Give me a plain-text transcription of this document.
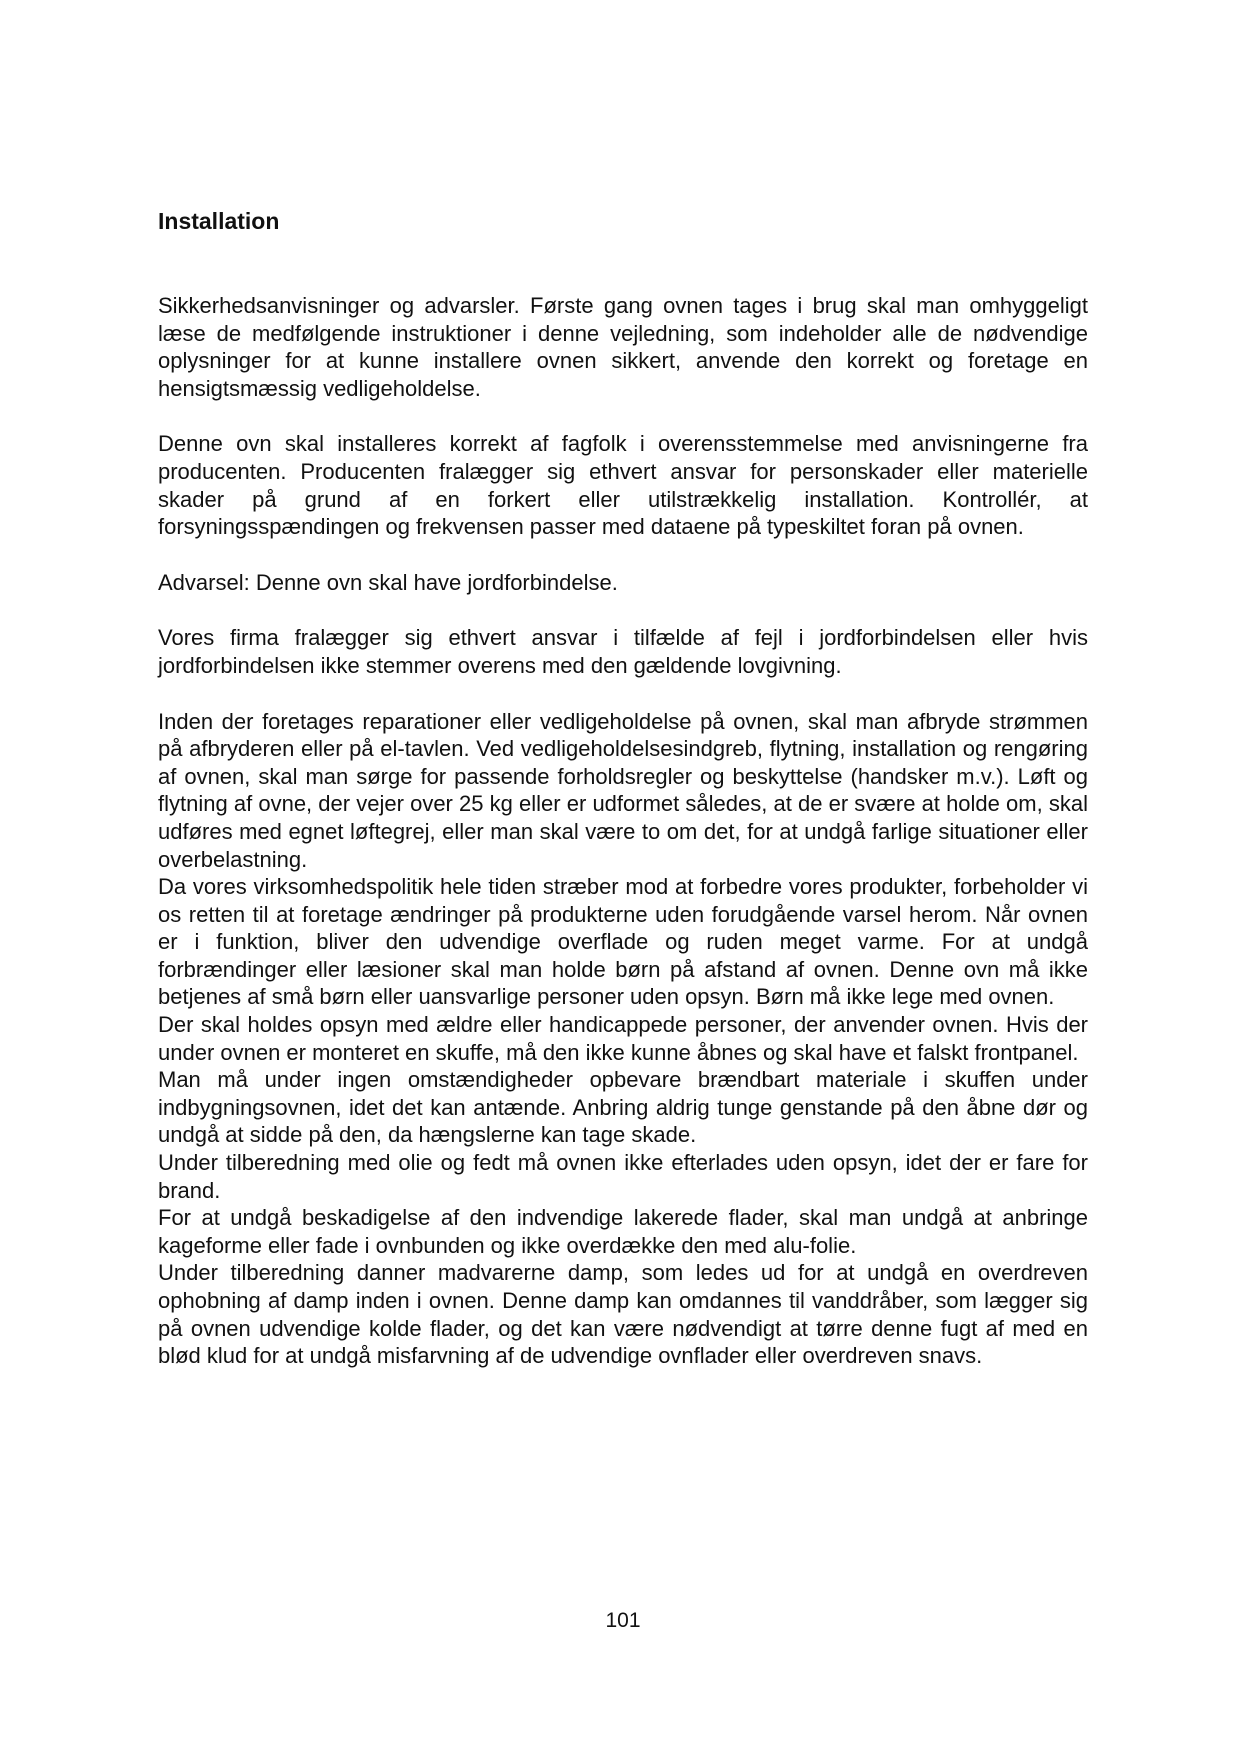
Installation

Sikkerhedsanvisninger og advarsler. Første gang ovnen tages i brug skal man omhyggeligt læse de medfølgende instruktioner i denne vejledning, som indeholder alle de nødvendige oplysninger for at kunne installere ovnen sikkert, anvende den korrekt og foretage en hensigtsmæssig vedligeholdelse.

Denne ovn skal installeres korrekt af fagfolk i overensstemmelse med anvisningerne fra producenten. Producenten fralægger sig ethvert ansvar for personskader eller materielle skader på grund af en forkert eller utilstrækkelig installation. Kontrollér, at forsyningsspændingen og frekvensen passer med dataene på typeskiltet foran på ovnen.

Advarsel: Denne ovn skal have jordforbindelse.

Vores firma fralægger sig ethvert ansvar i tilfælde af fejl i jordforbindelsen eller hvis jordforbindelsen ikke stemmer overens med den gældende lovgivning.

Inden der foretages reparationer eller vedligeholdelse på ovnen, skal man afbryde strømmen på afbryderen eller på el-tavlen. Ved vedligeholdelsesindgreb, flytning, installation og rengøring af ovnen, skal man sørge for passende forholdsregler og beskyttelse (handsker m.v.). Løft og flytning af ovne, der vejer over 25 kg eller er udformet således, at de er svære at holde om, skal udføres med egnet løftegrej, eller man skal være to om det, for at undgå farlige situationer eller overbelastning.

Da vores virksomhedspolitik hele tiden stræber mod at forbedre vores produkter, forbeholder vi os retten til at foretage ændringer på produkterne uden forudgående varsel herom. Når ovnen er i funktion, bliver den udvendige overflade og ruden meget varme. For at undgå forbrændinger eller læsioner skal man holde børn på afstand af ovnen. Denne ovn må ikke betjenes af små børn eller uansvarlige personer uden opsyn. Børn må ikke lege med ovnen.

Der skal holdes opsyn med ældre eller handicappede personer, der anvender ovnen. Hvis der under ovnen er monteret en skuffe, må den ikke kunne åbnes og skal have et falskt frontpanel.

Man må under ingen omstændigheder opbevare brændbart materiale i skuffen under indbygningsovnen, idet det kan antænde. Anbring aldrig tunge genstande på den åbne dør og undgå at sidde på den, da hængslerne kan tage skade.

Under tilberedning med olie og fedt må ovnen ikke efterlades uden opsyn, idet der er fare for brand.

For at undgå beskadigelse af den indvendige lakerede flader, skal man undgå at anbringe kageforme eller fade i ovnbunden og ikke overdække den med alu-folie.

Under tilberedning danner madvarerne damp, som ledes ud for at undgå en overdreven ophobning af damp inden i ovnen. Denne damp kan omdannes til vanddråber, som lægger sig på ovnen udvendige kolde flader, og det kan være nødvendigt at tørre denne fugt af med en blød klud for at undgå misfarvning af de udvendige ovnflader eller overdreven snavs.

101
